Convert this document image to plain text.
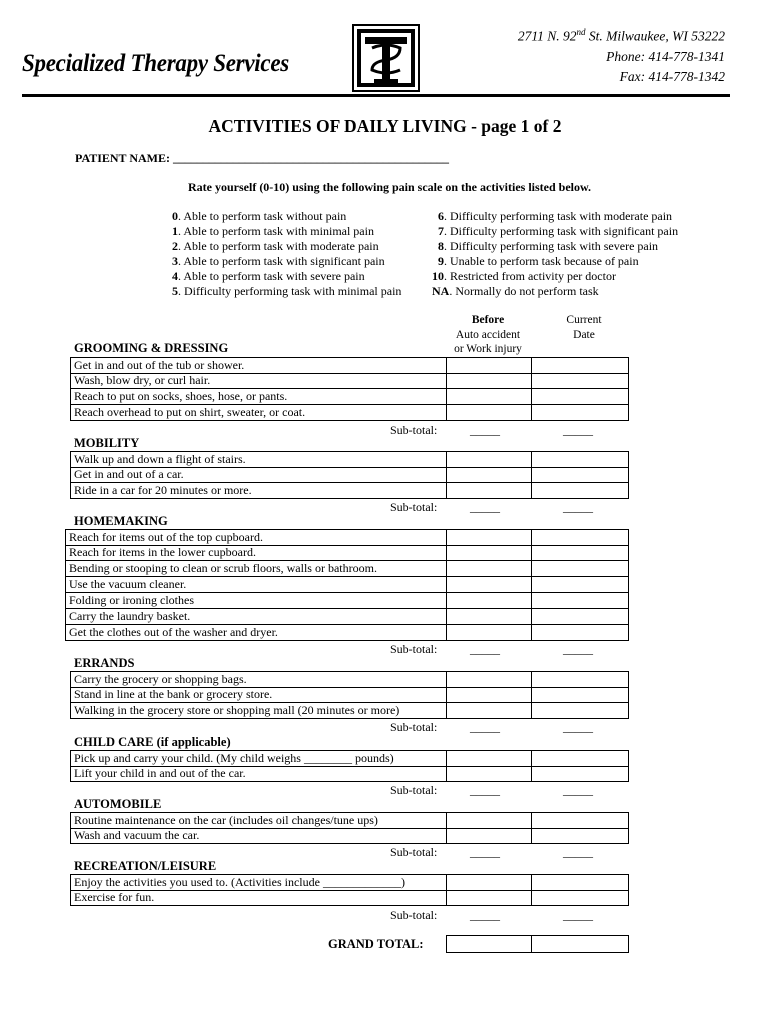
Specialized Therapy Services
2711 N. 92nd St. Milwaukee, WI 53222
Phone: 414-778-1341
Fax: 414-778-1342
ACTIVITIES OF DAILY LIVING - page 1 of 2
PATIENT NAME: ______________________________________________
Rate yourself (0-10) using the following pain scale on the activities listed below.
0. Able to perform task without pain
1. Able to perform task with minimal pain
2. Able to perform task with moderate pain
3. Able to perform task with significant pain
4. Able to perform task with severe pain
5. Difficulty performing task with minimal pain
6. Difficulty performing task with moderate pain
7. Difficulty performing task with significant pain
8. Difficulty performing task with severe pain
9. Unable to perform task because of pain
10. Restricted from activity per doctor
NA. Normally do not perform task
Before
Auto accident
or Work injury
Current
Date
GROOMING & DRESSING
Get in and out of the tub or shower.
Wash, blow dry, or curl hair.
Reach to put on socks, shoes, hose, or pants.
Reach overhead to put on shirt, sweater, or coat.
Sub-total:	_____	_____
MOBILITY
Walk up and down a flight of stairs.
Get in and out of a car.
Ride in a car for 20 minutes or more.
Sub-total:	_____	_____
HOMEMAKING
Reach for items out of the top cupboard.
Reach for items in the lower cupboard.
Bending or stooping to clean or scrub floors, walls or bathroom.
Use the vacuum cleaner.
Folding or ironing clothes
Carry the laundry basket.
Get the clothes out of the washer and dryer.
Sub-total:	_____	_____
ERRANDS
Carry the grocery or shopping bags.
Stand in line at the bank or grocery store.
Walking in the grocery store or shopping mall (20 minutes or more)
Sub-total:	_____	_____
CHILD CARE (if applicable)
Pick up and carry your child. (My child weighs ________ pounds)
Lift your child in and out of the car.
Sub-total:	_____	_____
AUTOMOBILE
Routine maintenance on the car (includes oil changes/tune ups)
Wash and vacuum the car.
Sub-total:	_____	_____
RECREATION/LEISURE
Enjoy the activities you used to. (Activities include _____________)
Exercise for fun.
Sub-total:	_____	_____
GRAND TOTAL:
